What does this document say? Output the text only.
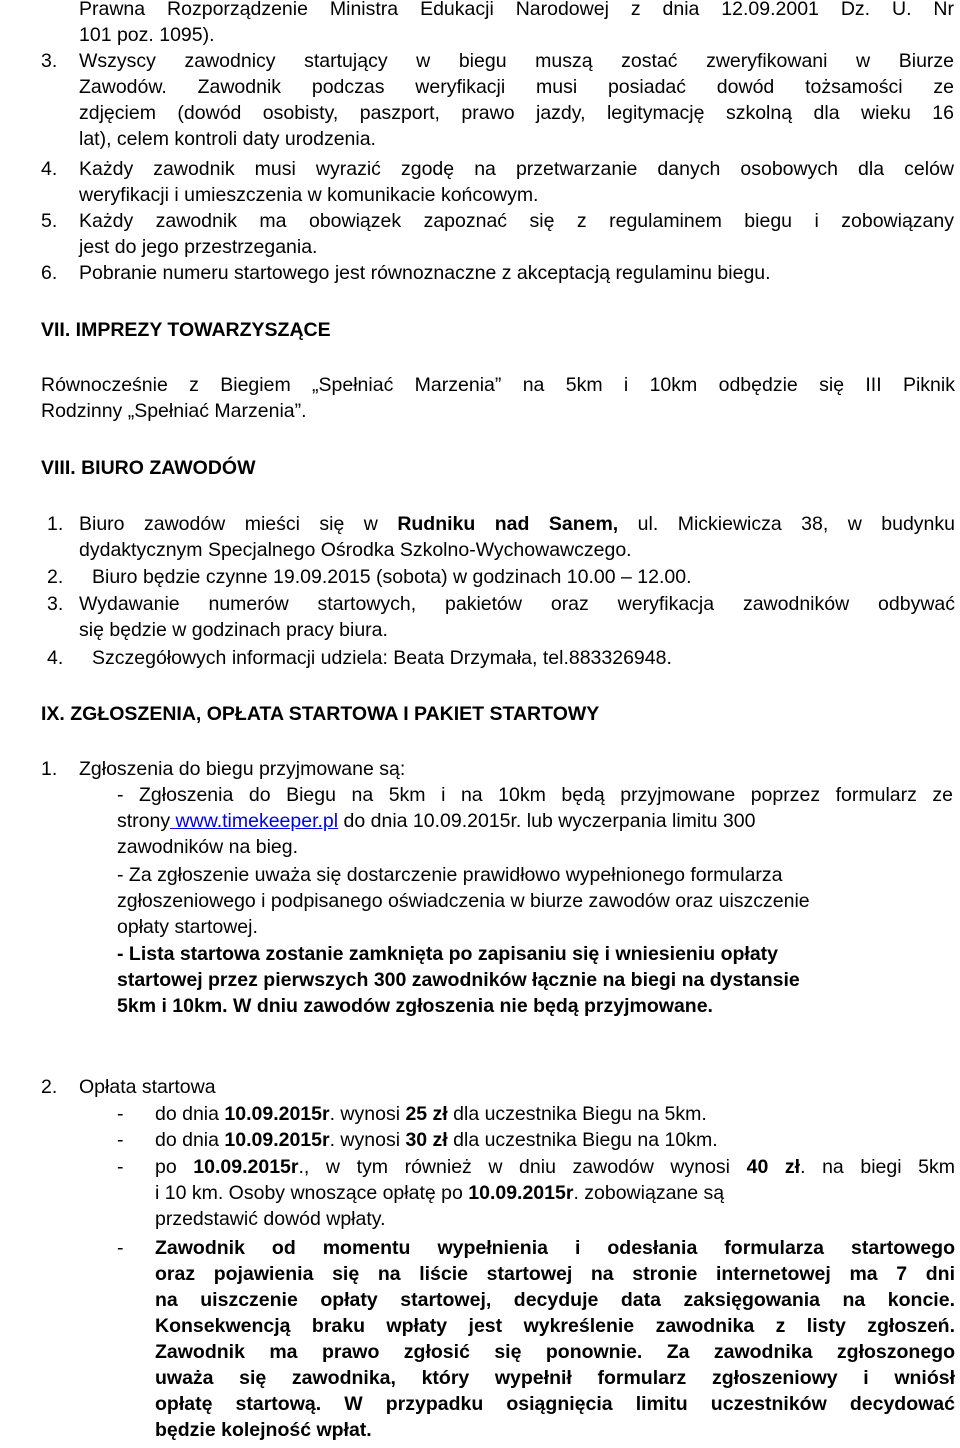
Prawna Rozporządzenie Ministra Edukacji Narodowej z dnia 12.09.2001 Dz. U. Nr
101 poz. 1095).
3. Wszyscy zawodnicy startujący w biegu muszą zostać zweryfikowani w Biurze
Zawodów. Zawodnik podczas weryfikacji musi posiadać dowód tożsamości ze
zdjęciem (dowód osobisty, paszport, prawo jazdy, legitymację szkolną dla wieku 16
lat), celem kontroli daty urodzenia.
4. Każdy zawodnik musi wyrazić zgodę na przetwarzanie danych osobowych dla celów
weryfikacji i umieszczenia w komunikacie końcowym.
5. Każdy zawodnik ma obowiązek zapoznać się z regulaminem biegu i zobowiązany
jest do jego przestrzegania.
6. Pobranie numeru startowego jest równoznaczne z akceptacją regulaminu biegu.
VII. IMPREZY TOWARZYSZĄCE
Równocześnie z Biegiem „Spełniać Marzenia” na 5km i 10km odbędzie się III Piknik
Rodzinny „Spełniać Marzenia”.
VIII. BIURO ZAWODÓW
1. Biuro zawodów mieści się w Rudniku nad Sanem, ul. Mickiewicza 38, w budynku
dydaktycznym Specjalnego Ośrodka Szkolno-Wychowawczego.
2. Biuro będzie czynne 19.09.2015 (sobota) w godzinach 10.00 – 12.00.
3. Wydawanie numerów startowych, pakietów oraz weryfikacja zawodników odbywać
się będzie w godzinach pracy biura.
4. Szczegółowych informacji udziela: Beata Drzymała, tel.883326948.
IX. ZGŁOSZENIA, OPŁATA STARTOWA I PAKIET STARTOWY
1. Zgłoszenia do biegu przyjmowane są:
- Zgłoszenia do Biegu na 5km i na 10km będą przyjmowane poprzez formularz ze
strony www.timekeeper.pl do dnia 10.09.2015r. lub wyczerpania limitu 300
zawodników na bieg.
- Za zgłoszenie uważa się dostarczenie prawidłowo wypełnionego formularza
zgłoszeniowego i podpisanego oświadczenia w biurze zawodów oraz uiszczenie
opłaty startowej.
- Lista startowa zostanie zamknięta po zapisaniu się i wniesieniu opłaty
startowej przez pierwszych 300 zawodników łącznie na biegi na dystansie
5km i 10km. W dniu zawodów zgłoszenia nie będą przyjmowane.
2. Opłata startowa
- do dnia 10.09.2015r. wynosi 25 zł dla uczestnika Biegu na 5km.
- do dnia 10.09.2015r. wynosi 30 zł dla uczestnika Biegu na 10km.
- po 10.09.2015r., w tym również w dniu zawodów wynosi 40 zł. na biegi 5km
i 10 km. Osoby wnoszące opłatę po 10.09.2015r. zobowiązane są
przedstawić dowód wpłaty.
- Zawodnik od momentu wypełnienia i odesłania formularza startowego
oraz pojawienia się na liście startowej na stronie internetowej ma 7 dni
na uiszczenie opłaty startowej, decyduje data zaksięgowania na koncie.
Konsekwencją braku wpłaty jest wykreślenie zawodnika z listy zgłoszeń.
Zawodnik ma prawo zgłosić się ponownie. Za zawodnika zgłoszonego
uważa się zawodnika, który wypełnił formularz zgłoszeniowy i wniósł
opłatę startową. W przypadku osiągnięcia limitu uczestników decydować
będzie kolejność wpłat.
